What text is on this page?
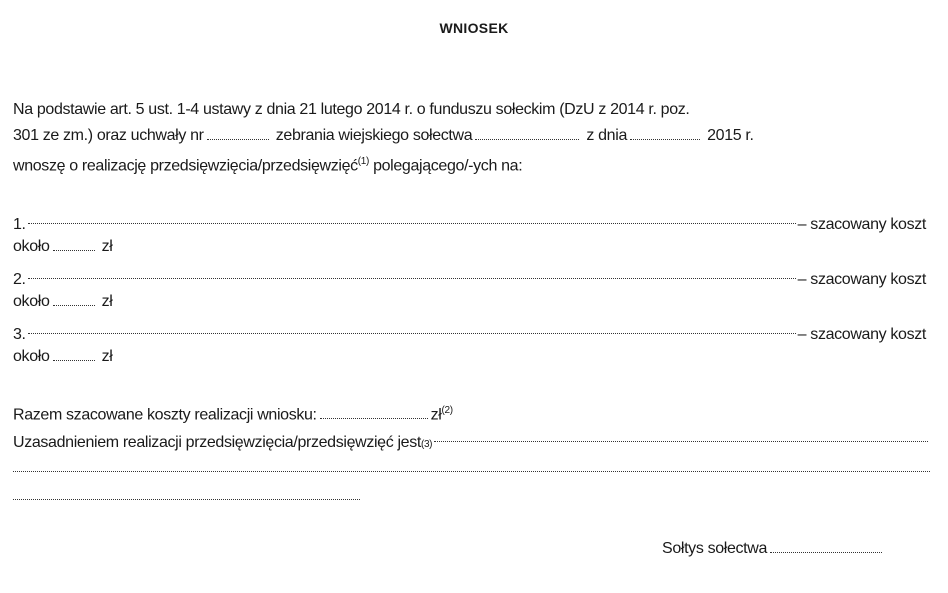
WNIOSEK
Na podstawie art. 5 ust. 1-4 ustawy z dnia 21 lutego 2014 r. o funduszu sołeckim (DzU z 2014 r. poz.
301 ze zm.) oraz uchwały nr	zebrania wiejskiego sołectwa	z dnia	2015 r.
wnoszę o realizację przedsięwzięcia/przedsięwzięć$^{(1)}$ polegającego/-ych na:
1.	– szacowany koszt
około	zł
2.	– szacowany koszt
około	zł
3.	– szacowany koszt
około	zł
Razem szacowane koszty realizacji wniosku:	$zł^{(2)}$
Uzasadnieniem realizacji przedsięwzięcia/przedsięwzięć jest (3)
Sołtys sołectwa
